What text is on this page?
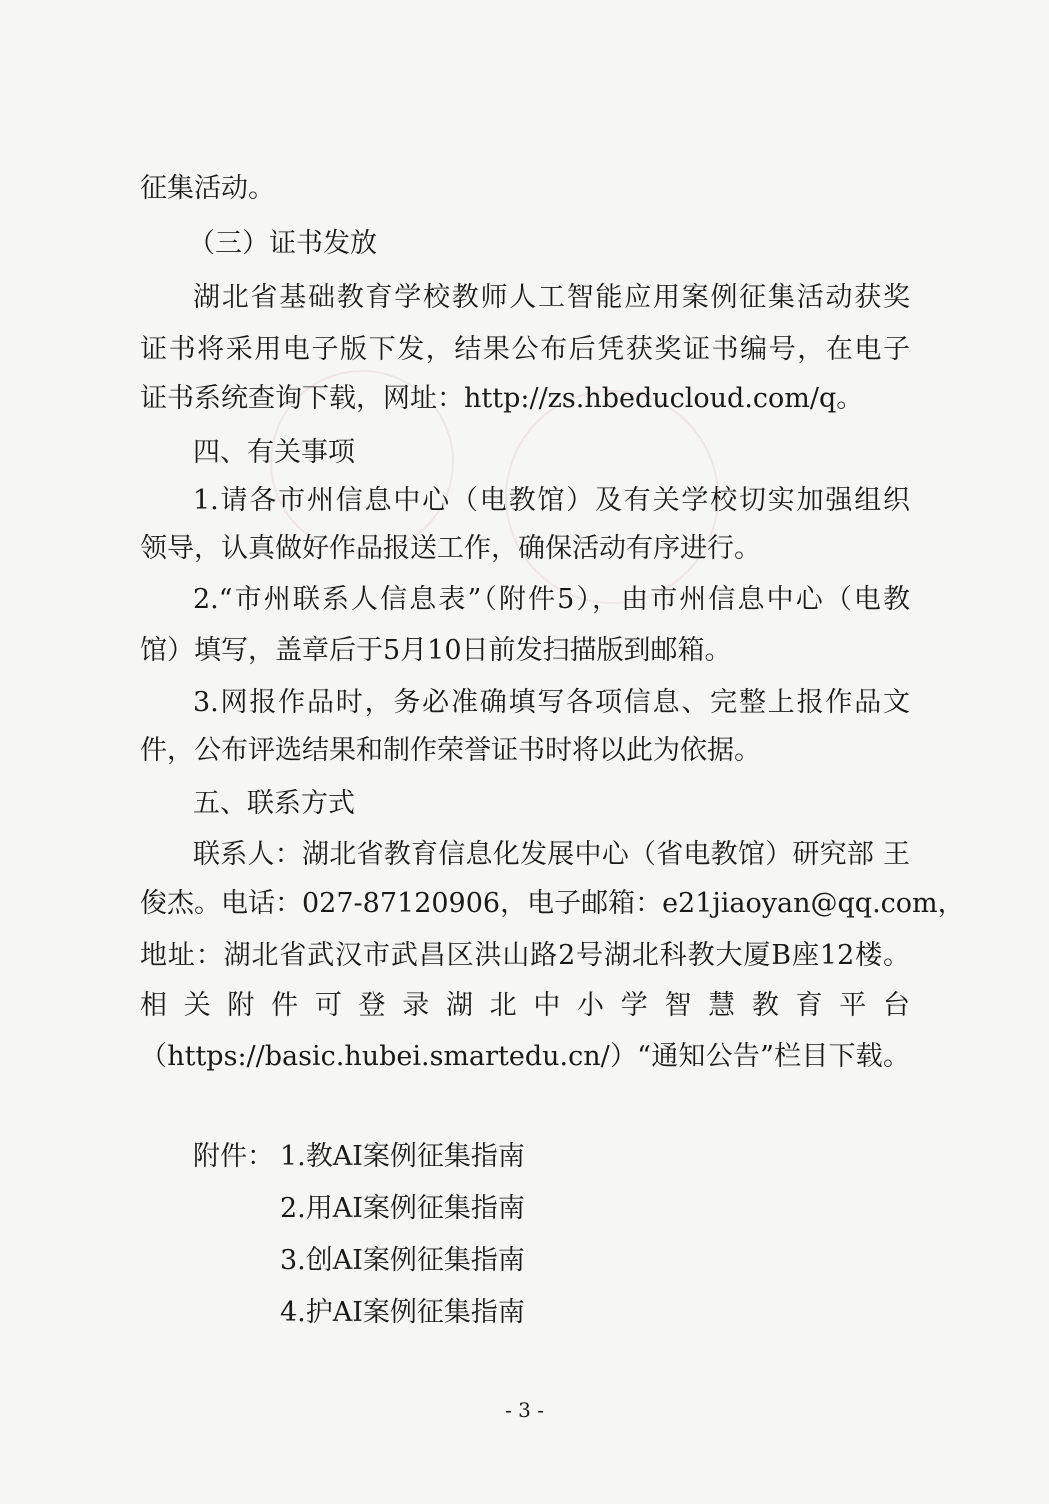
征集活动。
（三）证书发放
湖北省基础教育学校教师人工智能应用案例征集活动获奖
证书将采用电子版下发，结果公布后凭获奖证书编号，在电子
证书系统查询下载，网址：http://zs.hbeducloud.com/q。
四、有关事项
1.请各市州信息中心（电教馆）及有关学校切实加强组织
领导，认真做好作品报送工作，确保活动有序进行。
2.“市州联系人信息表”（附件5），由市州信息中心（电教
馆）填写，盖章后于5月10日前发扫描版到邮箱。
3.网报作品时，务必准确填写各项信息、完整上报作品文
件，公布评选结果和制作荣誉证书时将以此为依据。
五、联系方式
联系人：湖北省教育信息化发展中心（省电教馆）研究部 王
俊杰。电话：027-87120906，电子邮箱：e21jiaoyan@qq.com，
地址：湖北省武汉市武昌区洪山路2号湖北科教大厦B座12楼。
相关附件可登录湖北中小学智慧教育平台
（https://basic.hubei.smartedu.cn/）“通知公告”栏目下载。
附件： 1.教AI案例征集指南
2.用AI案例征集指南
3.创AI案例征集指南
4.护AI案例征集指南
- 3 -
